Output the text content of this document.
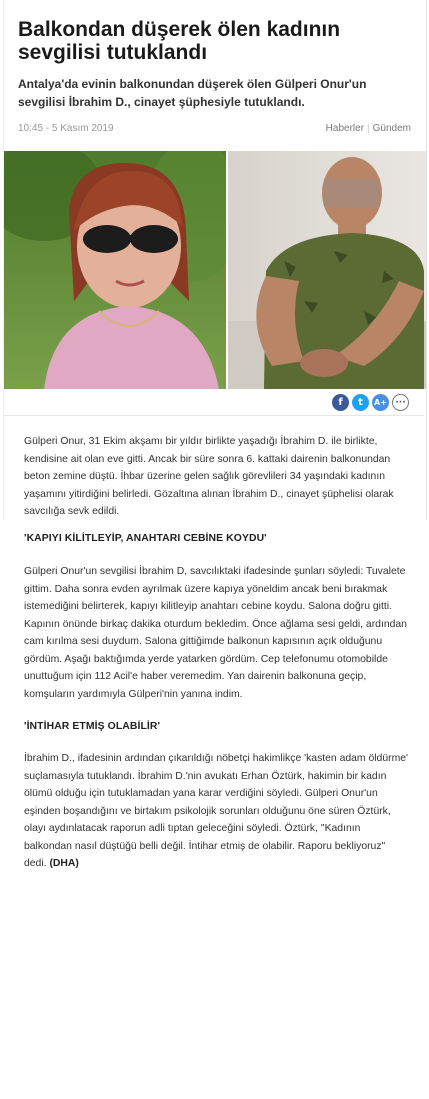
Balkondan düşerek ölen kadının sevgilisi tutuklandı

Antalya'da evinin balkonundan düşerek ölen Gülperi Onur'un sevgilisi İbrahim D., cinayet şüphesiyle tutuklandı.

10:45 - 5 Kasım 2019	Haberler | Gündem
f	t	A+ ···

Gülperi Onur, 31 Ekim akşamı bir yıldır birlikte yaşadığı İbrahim D. ile birlikte, kendisine ait olan eve gitti. Ancak bir süre sonra 6. kattaki dairenin balkonundan beton zemine düştü. İhbar üzerine gelen sağlık görevlileri 34 yaşındaki kadının yaşamını yitirdiğini belirledi. Gözaltına alınan İbrahim D., cinayet şüphelisi olarak savcılığa sevk edildi.

'KAPIYI KİLİTLEYİP, ANAHTARI CEBİNE KOYDU'

Gülperi Onur'un sevgilisi İbrahim D, savcılıktaki ifadesinde şunları söyledi: Tuvalete gittim. Daha sonra evden ayrılmak üzere kapıya yöneldim ancak beni bırakmak istemediğini belirterek, kapıyı kilitleyip anahtarı cebine koydu. Salona doğru gitti. Kapının önünde birkaç dakika oturdum bekledim. Önce ağlama sesi geldi, ardından cam kırılma sesi duydum. Salona gittiğimde balkonun kapısının açık olduğunu gördüm. Aşağı baktığımda yerde yatarken gördüm. Cep telefonumu otomobilde unuttuğum için 112 Acil'e haber veremedim. Yan dairenin balkonuna geçip, komşuların yardımıyla Gülperi'nin yanına indim.

'İNTİHAR ETMİŞ OLABİLİR'

İbrahim D., ifadesinin ardından çıkarıldığı nöbetçi hakimlikçe 'kasten adam öldürme' suçlamasıyla tutuklandı. İbrahim D.'nin avukatı Erhan Öztürk, hakimin bir kadın ölümü olduğu için tutuklamadan yana karar verdiğini söyledi. Gülperi Onur'un eşinden boşandığını ve birtakım psikolojik sorunları olduğunu öne süren Öztürk, olayı aydınlatacak raporun adli tıptan geleceğini söyledi. Öztürk, "Kadının balkondan nasıl düştüğü belli değil. İntihar etmiş de olabilir. Raporu bekliyoruz" dedi. (DHA)
